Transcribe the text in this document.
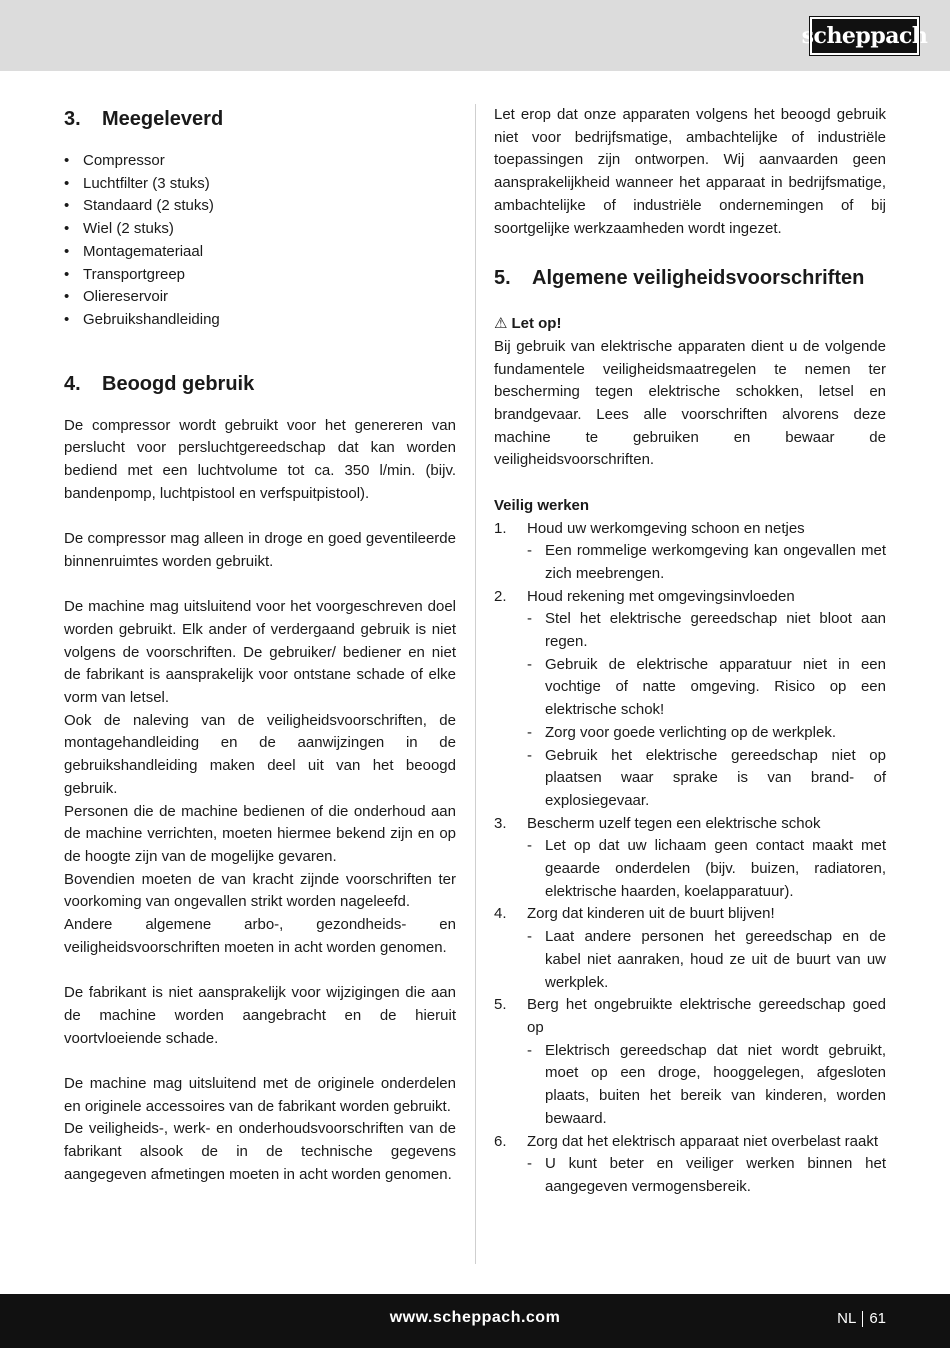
scheppach
3.	Meegeleverd
• Compressor
• Luchtfilter (3 stuks)
• Standaard (2 stuks)
• Wiel (2 stuks)
• Montagemateriaal
• Transportgreep
• Oliereservoir
• Gebruikshandleiding
4.	Beoogd gebruik

De compressor wordt gebruikt voor het genereren van perslucht voor persluchtgereedschap dat kan worden bediend met een luchtvolume tot ca. 350 l/min. (bijv. bandenpomp, luchtpistool en verfspuitpistool).

De compressor mag alleen in droge en goed geventileerde binnenruimtes worden gebruikt.

De machine mag uitsluitend voor het voorgeschreven doel worden gebruikt. Elk ander of verdergaand gebruik is niet volgens de voorschriften. De gebruiker/ bediener en niet de fabrikant is aansprakelijk voor ontstane schade of elke vorm van letsel.

Ook de naleving van de veiligheidsvoorschriften, de montagehandleiding en de aanwijzingen in de gebruikshandleiding maken deel uit van het beoogd gebruik.

Personen die de machine bedienen of die onderhoud aan de machine verrichten, moeten hiermee bekend zijn en op de hoogte zijn van de mogelijke gevaren.

Bovendien moeten de van kracht zijnde voorschriften ter voorkoming van ongevallen strikt worden nageleefd.

Andere algemene arbo-, gezondheids- en veiligheidsvoorschriften moeten in acht worden genomen.

De fabrikant is niet aansprakelijk voor wijzigingen die aan de machine worden aangebracht en de hieruit voortvloeiende schade.

De machine mag uitsluitend met de originele onderdelen en originele accessoires van de fabrikant worden gebruikt.

De veiligheids-, werk- en onderhoudsvoorschriften van de fabrikant alsook de in de technische gegevens aangegeven afmetingen moeten in acht worden genomen.

Let erop dat onze apparaten volgens het beoogd gebruik niet voor bedrijfsmatige, ambachtelijke of industriële toepassingen zijn ontworpen. Wij aanvaarden geen aansprakelijkheid wanneer het apparaat in bedrijfsmatige, ambachtelijke of industriële ondernemingen of bij soortgelijke werkzaamheden wordt ingezet.

5.	Algemene veiligheidsvoorschriften
⚠ Let op!

Bij gebruik van elektrische apparaten dient u de volgende fundamentele veiligheidsmaatregelen te nemen ter bescherming tegen elektrische schokken, letsel en brandgevaar. Lees alle voorschriften alvorens deze machine te gebruiken en bewaar de veiligheidsvoorschriften.

Veilig werken
1.	Houd uw werkomgeving schoon en netjes
- Een rommelige werkomgeving kan ongevallen met zich meebrengen.
2.	Houd rekening met omgevingsinvloeden
- Stel het elektrische gereedschap niet bloot aan regen.
- Gebruik de elektrische apparatuur niet in een vochtige of natte omgeving. Risico op een elektrische schok!
- Zorg voor goede verlichting op de werkplek.
- Gebruik het elektrische gereedschap niet op plaatsen waar sprake is van brand- of explosiegevaar.
3.	Bescherm uzelf tegen een elektrische schok
- Let op dat uw lichaam geen contact maakt met geaarde onderdelen (bijv. buizen, radiatoren, elektrische haarden, koelapparatuur).
4.	Zorg dat kinderen uit de buurt blijven!
- Laat andere personen het gereedschap en de kabel niet aanraken, houd ze uit de buurt van uw werkplek.
5.	Berg het ongebruikte elektrische gereedschap goed op
- Elektrisch gereedschap dat niet wordt gebruikt, moet op een droge, hooggelegen, afgesloten plaats, buiten het bereik van kinderen, worden bewaard.
6.	Zorg dat het elektrisch apparaat niet overbelast raakt
- U kunt beter en veiliger werken binnen het aangegeven vermogensbereik.
www.scheppach.com	NL 61
